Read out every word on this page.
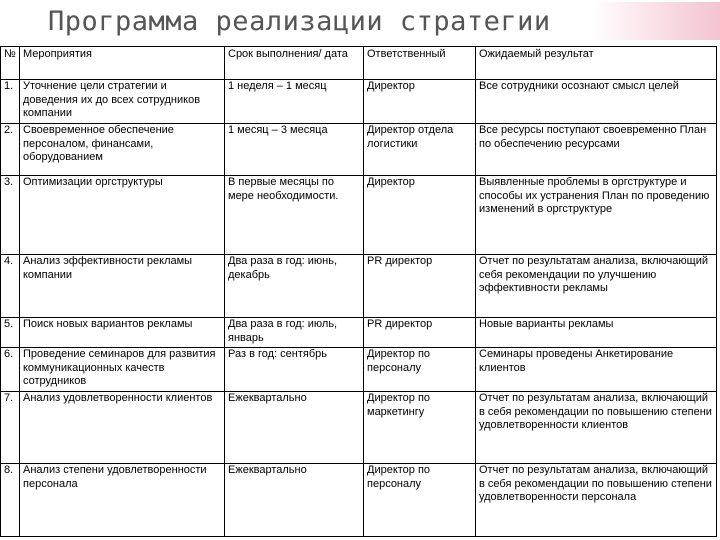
Программа реализации стратегии
№	Мероприятия	Срок выполнения/ дата	Ответственный	Ожидаемый результат
1.	Уточнение цели стратегии и доведения их до всех сотрудников компании	1 неделя – 1 месяц	Директор	Все сотрудники осознают смысл целей
2.	Своевременное обеспечение персоналом, финансами, оборудованием	1 месяц – 3 месяца	Директор отдела логистики	Все ресурсы поступают своевременно План по обеспечению ресурсами
3.	Оптимизации оргструктуры	В первые месяцы по мере необходимости.	Директор	Выявленные проблемы в оргструктуре и способы их устранения План по проведению изменений в оргструктуре
4.	Анализ эффективности рекламы компании	Два раза в год: июнь, декабрь	PR директор	Отчет по результатам анализа, включающий себя рекомендации по улучшению эффективности рекламы
5.	Поиск новых вариантов рекламы	Два раза в год: июль, январь	PR директор	Новые варианты рекламы
6.	Проведение семинаров для развития коммуникационных качеств сотрудников	Раз в год: сентябрь	Директор по персоналу	Семинары проведены Анкетирование клиентов
7.	Анализ удовлетворенности клиентов	Ежеквартально	Директор по маркетингу	Отчет по результатам анализа, включающий в себя рекомендации по повышению степени удовлетворенности клиентов
8.	Анализ степени удовлетворенности персонала	Ежеквартально	Директор по персоналу	Отчет по результатам анализа, включающий в себя рекомендации по повышению степени удовлетворенности персонала
